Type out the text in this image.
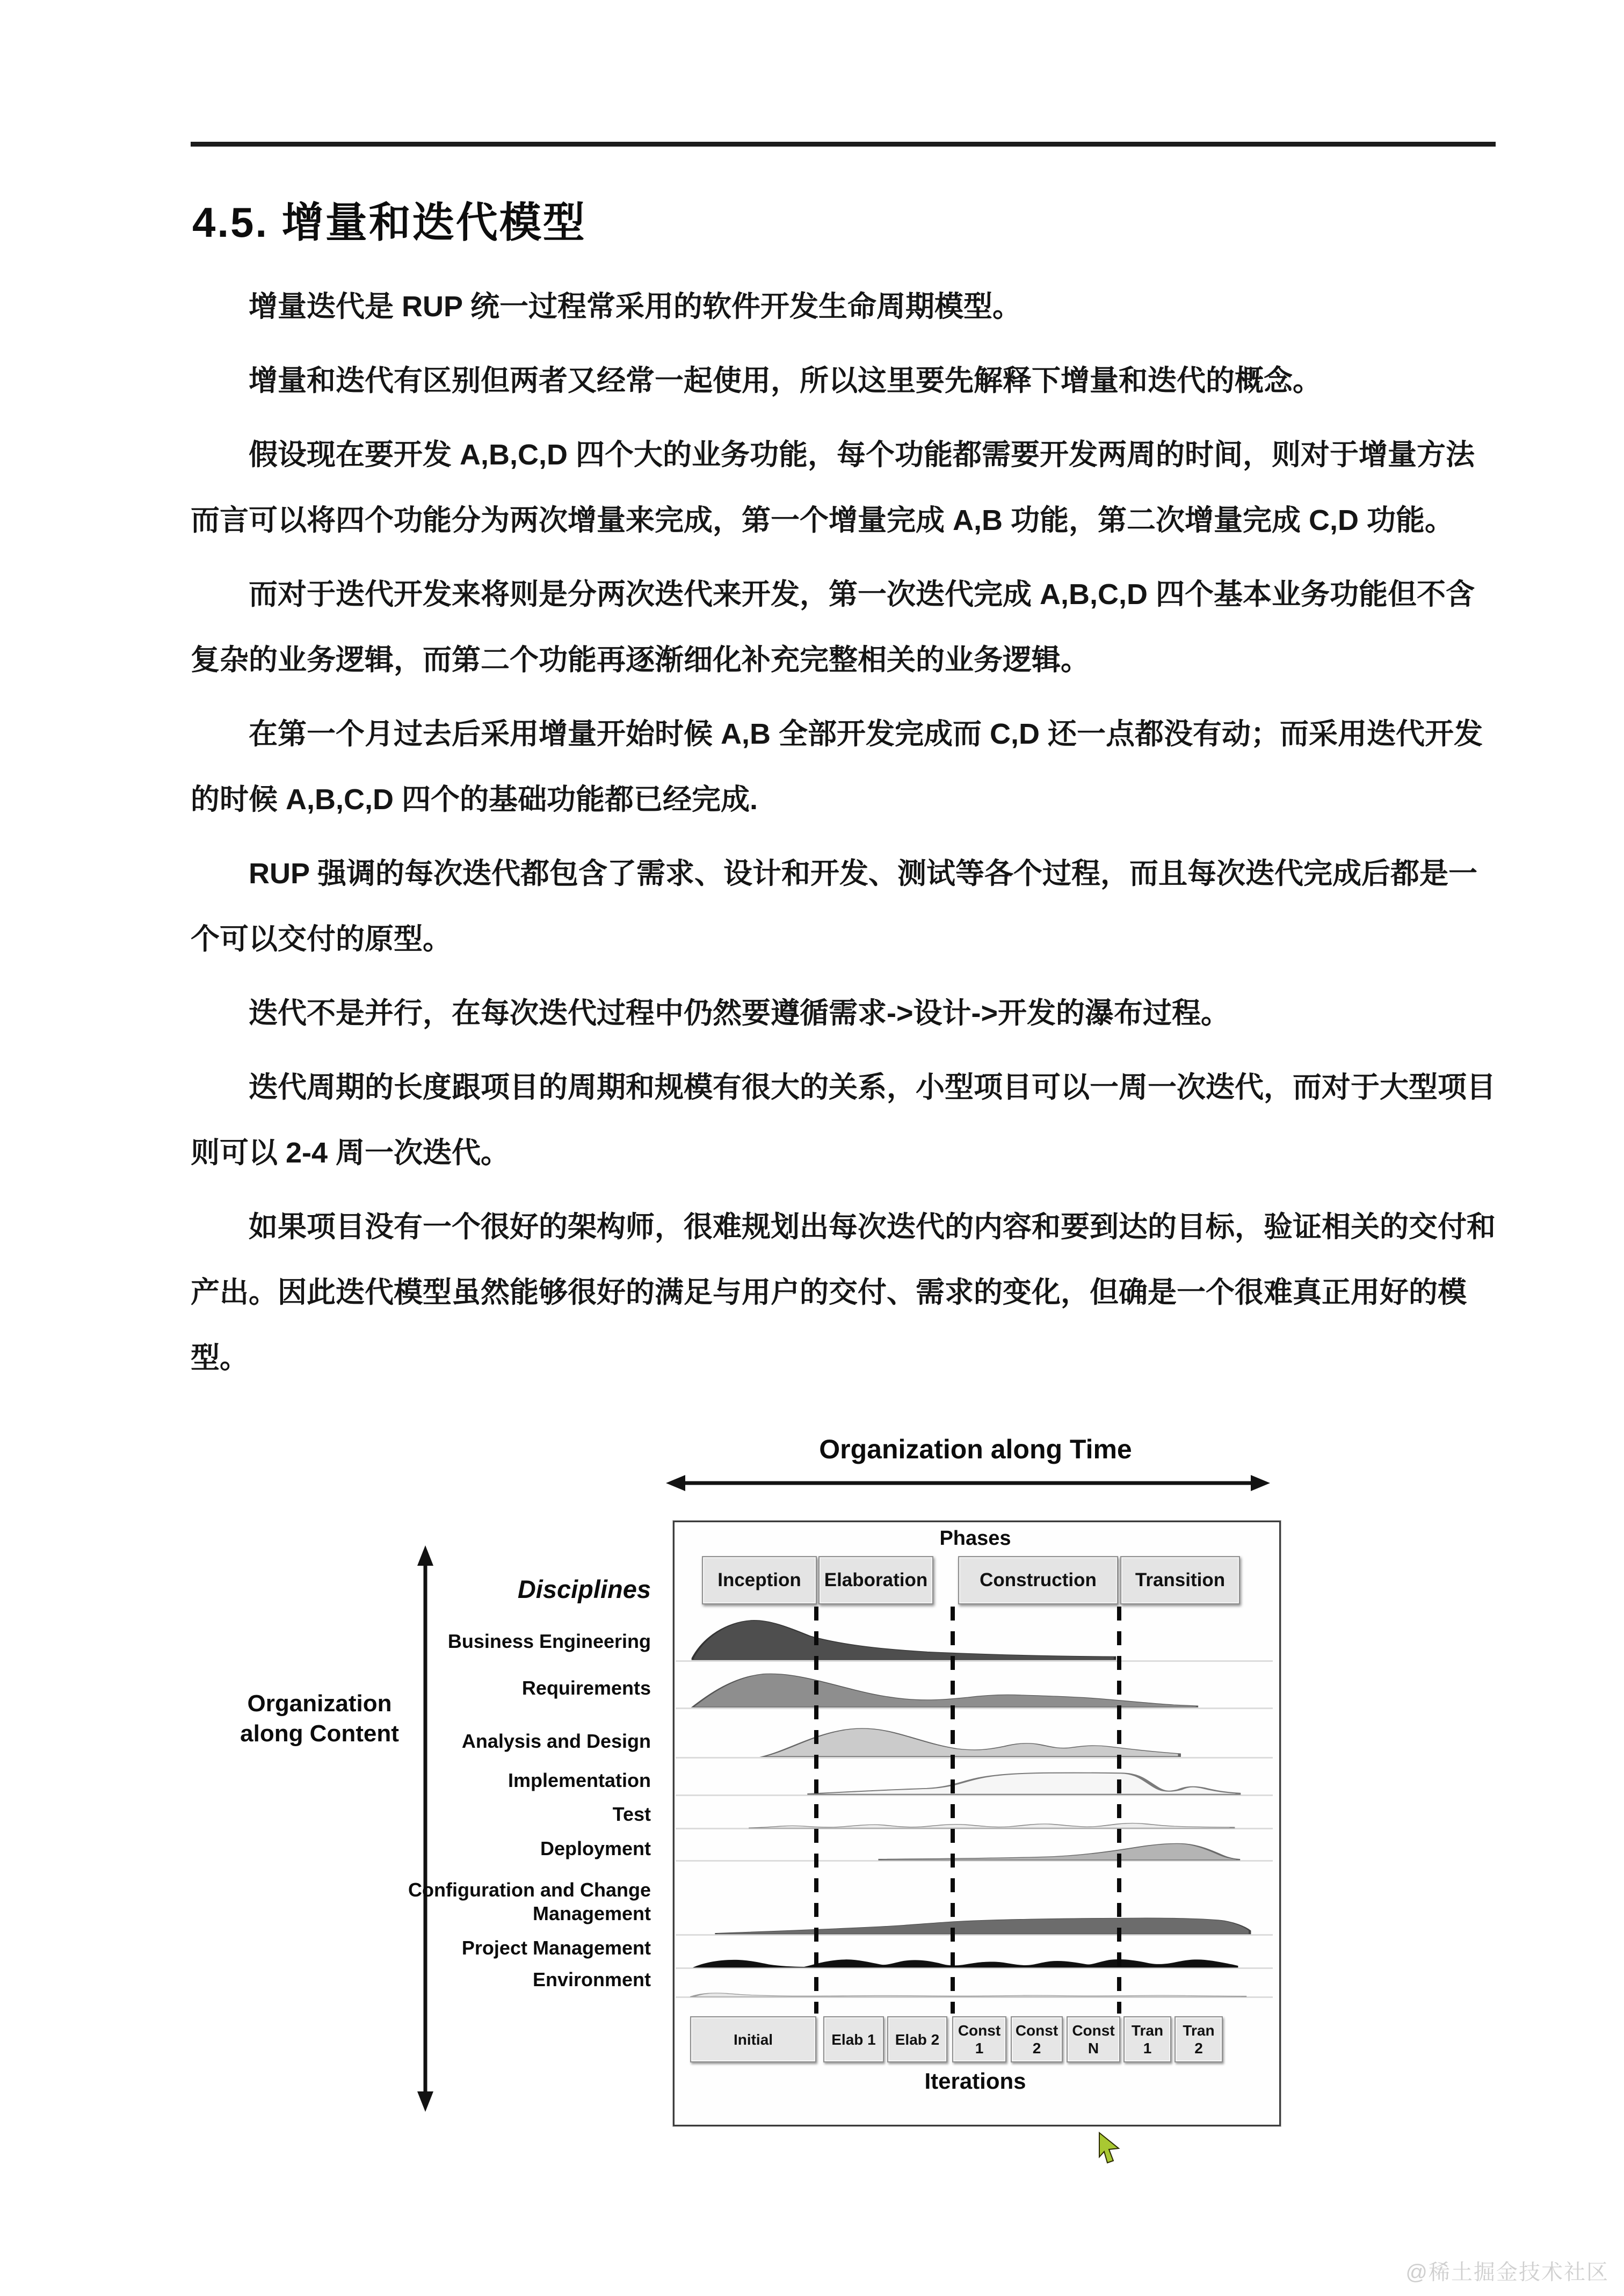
4.5. 增量和迭代模型

增量迭代是 RUP 统一过程常采用的软件开发生命周期模型。

增量和迭代有区别但两者又经常一起使用，所以这里要先解释下增量和迭代的概念。

假设现在要开发 A,B,C,D 四个大的业务功能，每个功能都需要开发两周的时间，则对于增量方法而言可以将四个功能分为两次增量来完成，第一个增量完成 A,B 功能，第二次增量完成 C,D 功能。

而对于迭代开发来将则是分两次迭代来开发，第一次迭代完成 A,B,C,D 四个基本业务功能但不含复杂的业务逻辑，而第二个功能再逐渐细化补充完整相关的业务逻辑。

在第一个月过去后采用增量开始时候 A,B 全部开发完成而 C,D 还一点都没有动；而采用迭代开发的时候 A,B,C,D 四个的基础功能都已经完成.

RUP 强调的每次迭代都包含了需求、设计和开发、测试等各个过程，而且每次迭代完成后都是一个可以交付的原型。

迭代不是并行，在每次迭代过程中仍然要遵循需求->设计->开发的瀑布过程。

迭代周期的长度跟项目的周期和规模有很大的关系，小型项目可以一周一次迭代，而对于大型项目则可以 2-4 周一次迭代。

如果项目没有一个很好的架构师，很难规划出每次迭代的内容和要到达的目标，验证相关的交付和产出。因此迭代模型虽然能够很好的满足与用户的交付、需求的变化，但确是一个很难真正用好的模型。

Organization along Time
Organization along Content
Disciplines
Phases
Inception	Elaboration	Construction	Transition
Business Engineering
Requirements
Analysis and Design
Implementation
Test
Deployment
Configuration and Change Management
Project Management
Environment
Initial	Elab 1	Elab 2
Const 1
Const 2
Const N
Tran 1
Tran 2
Iterations
@稀土掘金技术社区
